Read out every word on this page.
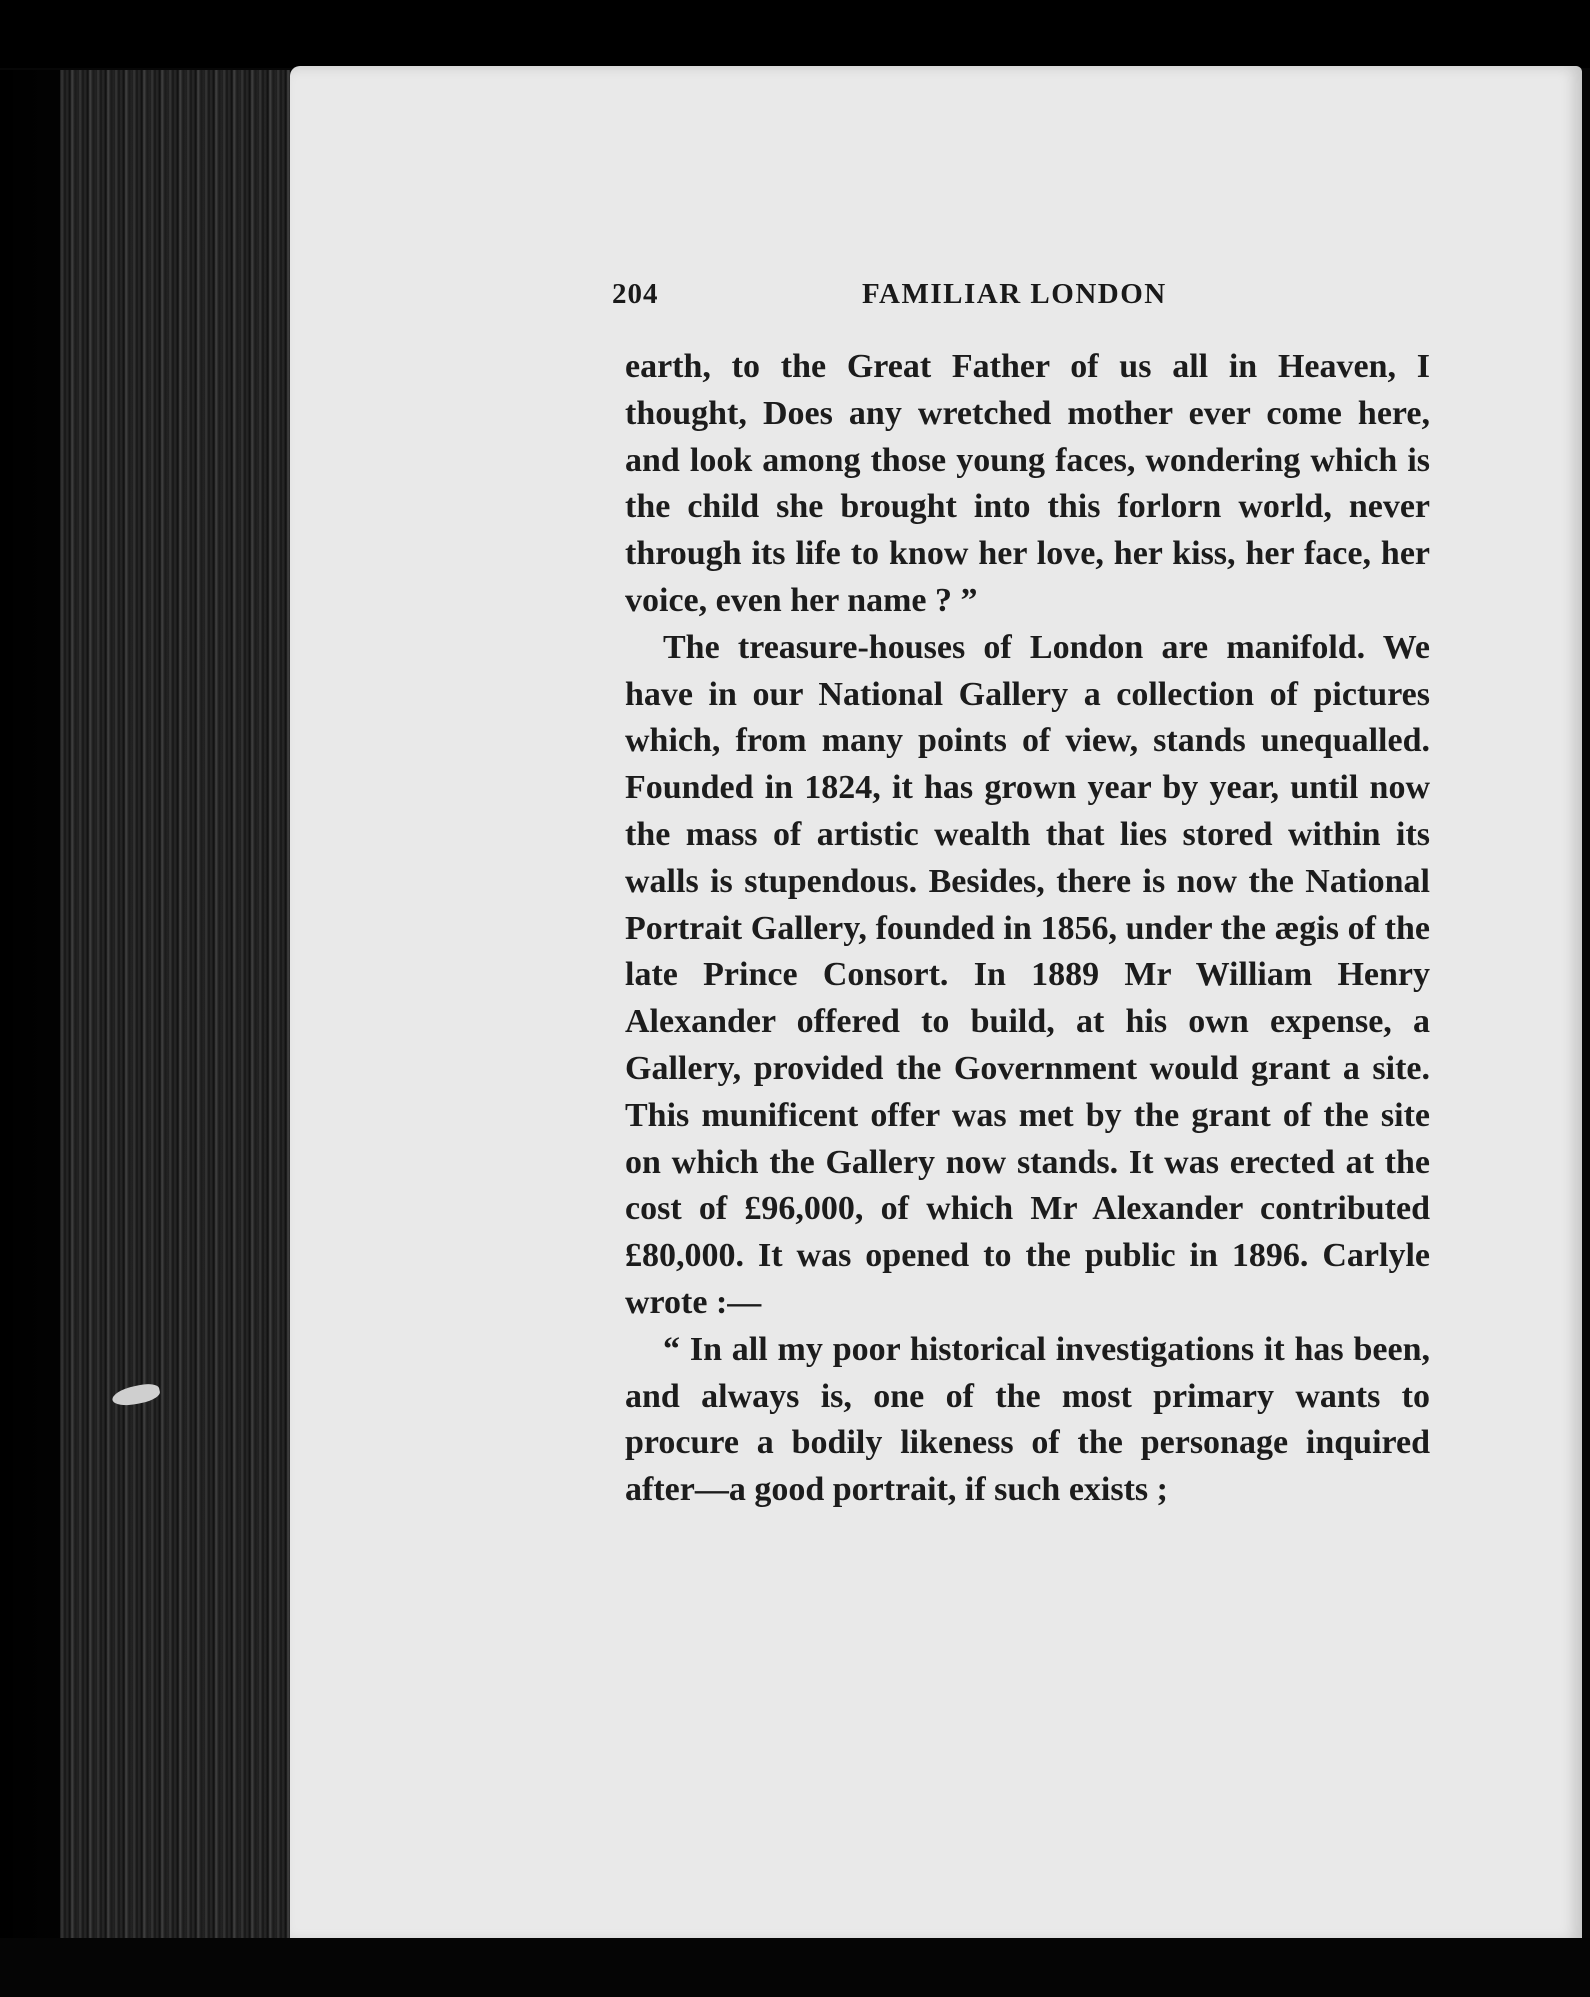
204	FAMILIAR LONDON

earth, to the Great Father of us all in Heaven, I thought, Does any wretched mother ever come here, and look among those young faces, wondering which is the child she brought into this forlorn world, never through its life to know her love, her kiss, her face, her voice, even her name ? ”

The treasure-houses of London are manifold. We have in our National Gallery a collection of pictures which, from many points of view, stands unequalled. Founded in 1824, it has grown year by year, until now the mass of artistic wealth that lies stored within its walls is stupendous. Besides, there is now the National Portrait Gallery, founded in 1856, under the ægis of the late Prince Consort. In 1889 Mr William Henry Alexander offered to build, at his own expense, a Gallery, provided the Government would grant a site. This munificent offer was met by the grant of the site on which the Gallery now stands. It was erected at the cost of £96,000, of which Mr Alexander contributed £80,000. It was opened to the public in 1896. Carlyle wrote :—

“ In all my poor historical investigations it has been, and always is, one of the most primary wants to procure a bodily likeness of the personage inquired after—a good portrait, if such exists ;
